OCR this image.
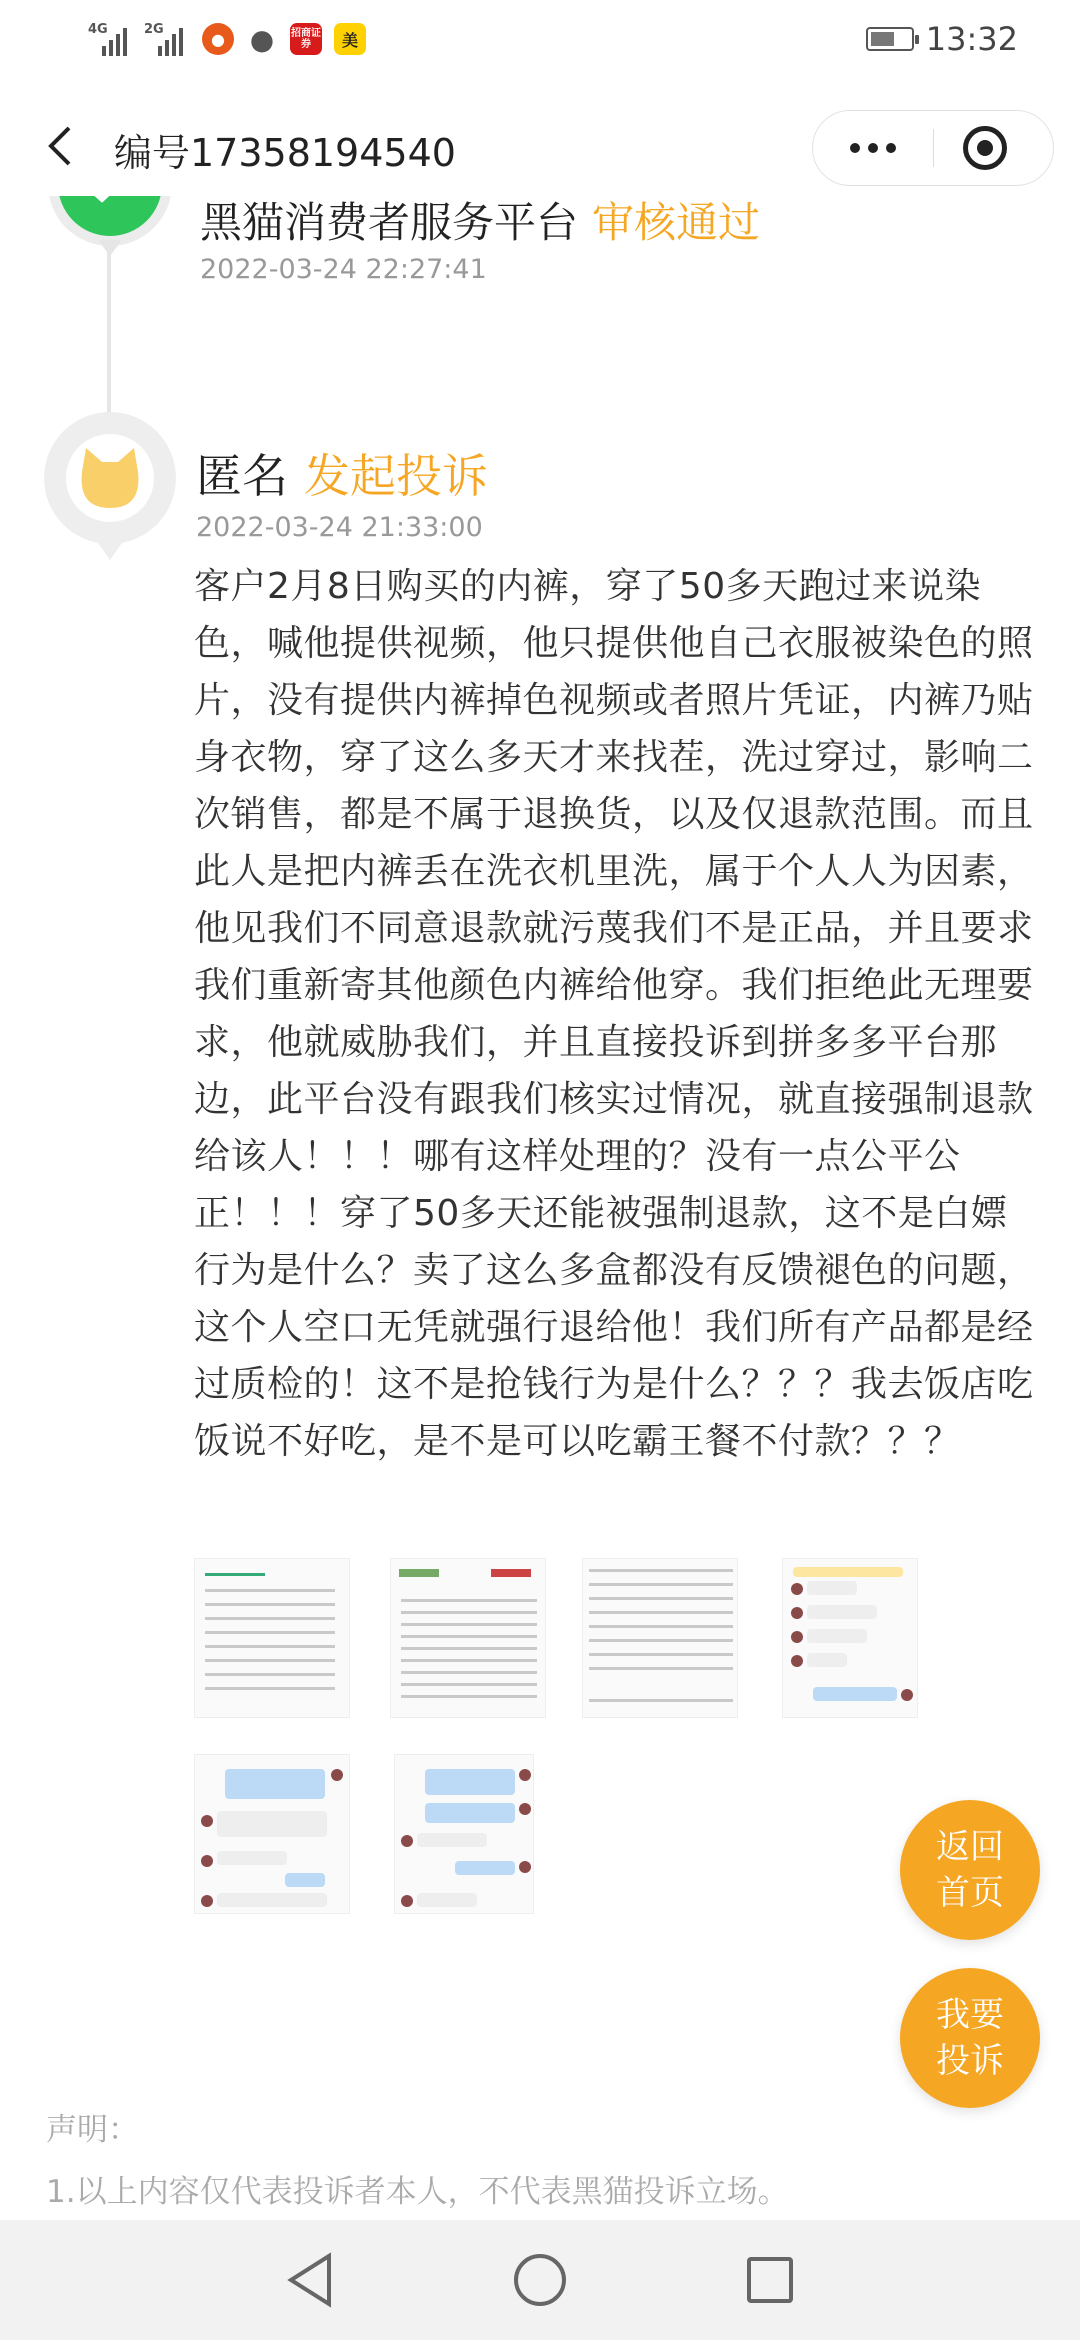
4G	2G	● ●	招商证券	美	13:32
编号17358194540
黑猫消费者服务平台 审核通过
2022-03-24 22:27:41
匿名 发起投诉
2022-03-24 21:33:00
客户2月8日购买的内裤，穿了50多天跑过来说染色，喊他提供视频，他只提供他自己衣服被染色的照片，没有提供内裤掉色视频或者照片凭证，内裤乃贴身衣物，穿了这么多天才来找茬，洗过穿过，影响二次销售，都是不属于退换货，以及仅退款范围。而且此人是把内裤丢在洗衣机里洗，属于个人人为因素，他见我们不同意退款就污蔑我们不是正品，并且要求我们重新寄其他颜色内裤给他穿。我们拒绝此无理要求，他就威胁我们，并且直接投诉到拼多多平台那边，此平台没有跟我们核实过情况，就直接强制退款给该人！！！哪有这样处理的？没有一点公平公正！！！穿了50多天还能被强制退款，这不是白嫖行为是什么？卖了这么多盒都没有反馈褪色的问题，这个人空口无凭就强行退给他！我们所有产品都是经过质检的！这不是抢钱行为是什么？？？我去饭店吃饭说不好吃，是不是可以吃霸王餐不付款？？？
声明：
1.以上内容仅代表投诉者本人，不代表黑猫投诉立场。
返回
首页
我要
投诉
